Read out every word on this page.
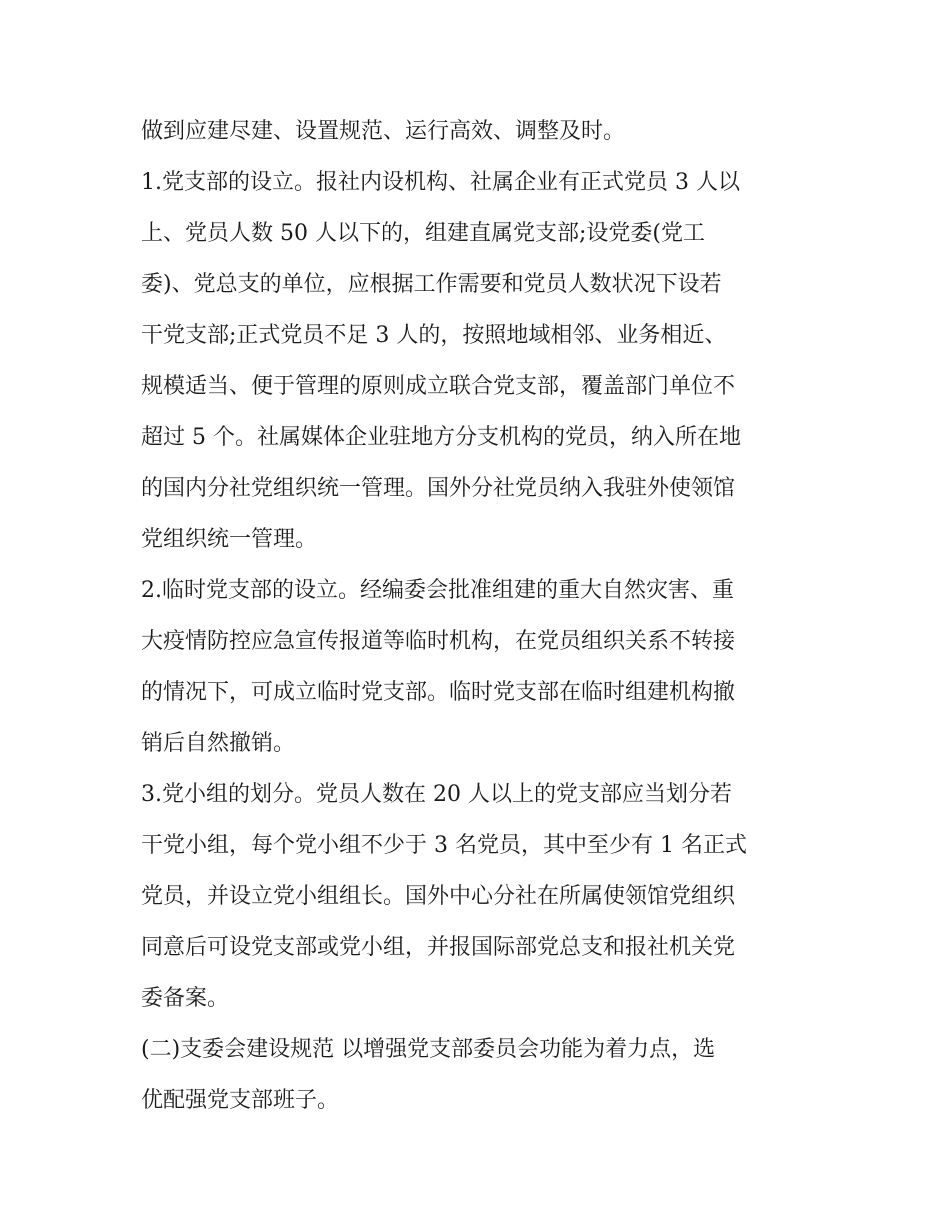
做到应建尽建、设置规范、运行高效、调整及时。
1.党支部的设立。报社内设机构、社属企业有正式党员 3 人以
上、党员人数 50 人以下的，组建直属党支部;设党委(党工
委)、党总支的单位，应根据工作需要和党员人数状况下设若
干党支部;正式党员不足 3 人的，按照地域相邻、业务相近、
规模适当、便于管理的原则成立联合党支部，覆盖部门单位不
超过 5 个。社属媒体企业驻地方分支机构的党员，纳入所在地
的国内分社党组织统一管理。国外分社党员纳入我驻外使领馆
党组织统一管理。
2.临时党支部的设立。经编委会批准组建的重大自然灾害、重
大疫情防控应急宣传报道等临时机构，在党员组织关系不转接
的情况下，可成立临时党支部。临时党支部在临时组建机构撤
销后自然撤销。
3.党小组的划分。党员人数在 20 人以上的党支部应当划分若
干党小组，每个党小组不少于 3 名党员，其中至少有 1 名正式
党员，并设立党小组组长。国外中心分社在所属使领馆党组织
同意后可设党支部或党小组，并报国际部党总支和报社机关党
委备案。
(二)支委会建设规范 以增强党支部委员会功能为着力点，选
优配强党支部班子。
